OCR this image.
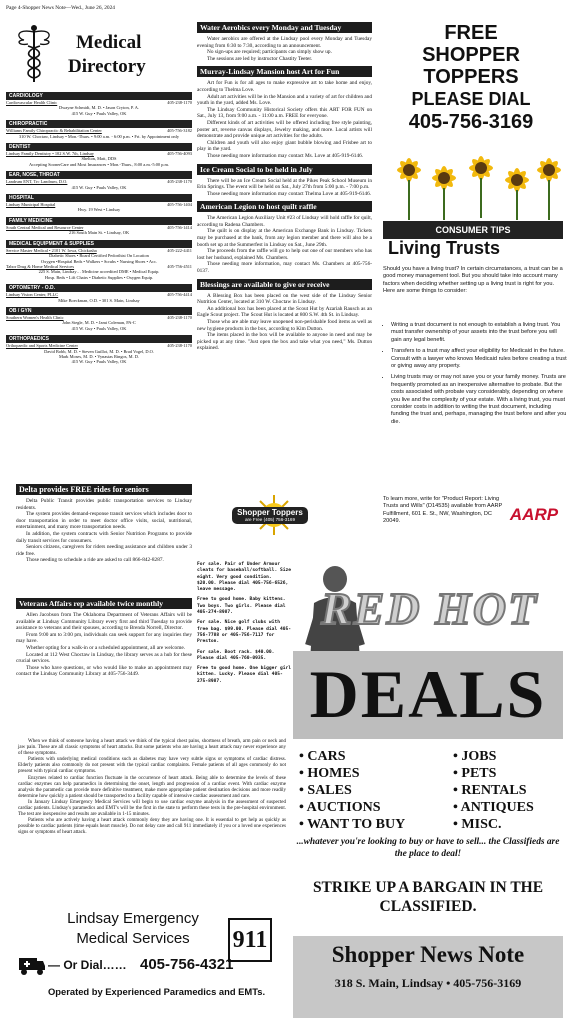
Page 4-Shopper News Note—Wed., June 26, 2024
Medical
Directory
CARDIOLOGY
Cardiovascular Health Clinic	405-238-1170
Dwayne Schmidt, M. D. • Jason Cryton, P. A.
415 W. Guy • Pauls Valley, OK
CHIROPRACTIC
Williams Family Chiropractic & Rehabilitation Center	405-756-3182
310 W. Choctaw, Lindsay • Mon.-Thurs. • 9:00 a.m. - 6:00 p.m. • Fri. by Appointment only
DENTIST
Lindsay Family Dentistry • 102 S.W. 7th, Lindsay	405-756-4093
Shelton, Matt, DDS
Accepting SoonerCare and Most Insurances • Mon.-Thurs., 8:00 a.m.-5:00 p.m.
EAR, NOSE, THROAT
Landrum ENT, Trc Landrum, D.O.	405-238-1170
415 W. Guy • Pauls Valley, OK
HOSPITAL
Lindsay Municipal Hospital	405-756-1404
Hwy. 19 West • Lindsay
FAMILY MEDICINE
South Central Medical and Resource Center	405-756-1414
216 South Main St. • Lindsay, OK
MEDICAL EQUIPMENT & SUPPLIES
Service Master Medical • 2101 W. Iowa, Chickasha	405-222-4411
Diabetic Shoes • Board Certified Pedorthist On Location
Oxygen •Hospital Beds • Walkers • Scrubs • Nursing Shoes • Acc.
Tabor Drug & Home Medical Services	405-756-4511
225 S. Main, Lindsay… Medicine accredited DME • Medical Equip.
Hosp. Beds • Lift Chairs • Diabetic Supplies • Oxygen Equip.
OPTOMETRY - O.D.
Lindsay Vision Center, PLLC	405-756-4414
Mike Boeckman, O.D. • 301 S. Main, Lindsay
OB / GYN
Southern Women's Health Clinic	405-238-1170
John Siegle, M. D. • Jami Coleman, PA-C
415 W. Guy • Pauls Valley, OK
ORTHOPAEDICS
Orthopaedic and Sports Medicine Center	405-238-1170
David Bobb, M. D. • Steven Guillot, M. D. • Brad Vogel, D.O.
Mark Moses, M. D. • Vynastas Ringos, M. D.
415 W. Guy • Pauls Valley, OK
Delta provides FREE rides for seniors

Delta Public Transit provides public transportation services to Lindsay residents.

The system provides demand-response transit services which includes door to door transportation in order to meet doctor office visits, social, nutritional, entertainment, and many more transportation needs.

In addition, the system contracts with Senior Nutrition Programs to provide daily transit services for consumers.

Seniors citizens, caregivers for riders needing assistance and children under 3 ride free.

Those needing to schedule a ride are asked to call 866-842-8287.

Veterans Affairs rep available twice monthly

Allen Jacobson from The Oklahoma Department of Veterans Affairs will be available at Lindsay Community Library every first and third Tuesday to provide assistance to veterans and their spouses, according to Brenda Norrell, Director.

From 9:00 am to 3:00 pm, individuals can seek support for any inquiries they may have.

Whether opting for a walk-in or a scheduled appointment, all are welcome.

Located at 112 West Choctaw in Lindsay, the library serves as a hub for these crucial services.

Those who have questions, or who would like to make an appointment may contact the Lindsay Community Library at 405-756-3449.

Water Aerobics every Monday and Tuesday

Water aerobics are offered at the Lindsay pool every Monday and Tuesday evening from 6:30 to 7:30, according to an announcement.

No sign-ups are required; participants can simply show up.

The sessions are led by instructor Chastity Teeter.

Murray-Lindsay Mansion host Art for Fun

Art for Fun is for all ages to make expressive art to take home and enjoy, according to Thelma Love.

Adult art activities will be in the Mansion and a variety of art for children and youth in the yard, added Ms. Love.

The Lindsay Community Historical Society offers this ART FOR FUN on Sat., July 13, from 9:00 a.m. - 11:00 a.m. FREE for everyone.

Different kinds of art activities will be offered including free style painting, poster art, reverse canvas displays, Jewelry making, and more. Local artists will demonstrate and provide unique art activities for the adults.

Children and youth will also enjoy giant bubble blowing and Frisbee art to play in the yard.

Those needing more information may contact Ms. Love at 405-919-6146.

Ice Cream Social to be held in July

There will be an Ice Cream Social held at the Pikes Peak School Museum in Erin Springs. The event will be held on Sat., July 27th from 5:00 p.m. - 7:00 p.m.

Those needing more information may contact Thelma Love at 405-919-6146.

American Legion to host quilt raffle

The American Legion Auxiliary Unit #23 of Lindsay will hold raffle for quilt, according to Radena Chambers.

The quilt is on display at the American Exchange Bank in Lindsay. Tickets may be purchased at the bank, from any legion member and there will also be a booth set up at the Summerfest in Lindsay on Sat., June 29th.

The proceeds from the raffle will go to help out one of our members who has lost her husband, explained Ms. Chambers.

Those needing more information, may contact Ms. Chambers at 405-756-0137.

Blessings are available to give or receive

A Blessing Box has been placed on the west side of the Lindsay Senior Nutrition Center, located at 310 W. Choctaw in Lindsay.

An additional box has been placed at the Scout Hut by Azariah Rausch as an Eagle Scout project. The Scout Hut is located at 800 S.W. 4th St. in Lindsay.

Those who are able may leave unopened non-perishable food items as well as new hygiene products in the box, according to Kim Dutton.

The items placed in the box will be available to anyone in need and may be picked up at any time. "Just open the box and take what you need," Ms. Dutton explained.

Shopper Toppers
are Free (405) 756-3169

For sale. Pair of Under Armour cleats for baseball/softball. Size eight. Very good condition. $20.00. Please dial 405-756-6526, leave message.

Free to good home. Baby kittens. Two boys. Two girls. Please dial 405-274-8987.

For sale. Nice golf clubs with free bag. $99.00. Please dial 405-756-7788 or 405-756-7117 for Preston.

For sale. Boot rack. $40.00. Please dial 405-760-0935.

Free to good home. One bigger girl kitten. Lucky. Please dial 405-275-8987.

FREE
SHOPPER
TOPPERS
PLEASE DIAL
405-756-3169
CONSUMER TIPS
Living Trusts
Should you have a living trust? In certain circumstances, a trust can be a good money management tool. But you should take into account many factors when deciding whether setting up a living trust is right for you. Here are some things to consider:
• Writing a trust document is not enough to establish a living trust. You must transfer ownership of your assets into the trust before you will gain any legal benefit.
• Transfers to a trust may affect your eligibility for Medicaid in the future. Consult with a lawyer who knows Medicaid rules before creating a trust or giving away any property.
• Living trusts may or may not save you or your family money. Trusts are frequently promoted as an inexpensive alternative to probate. But the costs associated with probate vary considerably, depending on where you live and the complexity of your estate. With a living trust, you must consider costs in addition to writing the trust document, including funding the trust and, perhaps, managing the trust before and after you die.
To learn more, write for "Product Report: Living Trusts and Wills" (D14535) available from AARP Fulfillment, 601 E. St., NW, Washington, DC 20049.	AARP
RED HOT
DEALS
• CARS
• HOMES
• SALES
• AUCTIONS
• WANT TO BUY
• JOBS
• PETS
• RENTALS
• ANTIQUES
• MISC.
...whatever you're looking to buy or have to sell... the Classifieds are the place to deal!
STRIKE UP A BARGAIN IN THE CLASSIFIED.
Shopper News Note
318 S. Main, Lindsay • 405-756-3169

When we think of someone having a heart attack we think of the typical chest pains, shortness of breath, arm pain or neck and jaw pain. These are all classic symptoms of heart attacks. But some patients who are having a heart attack may never experience any of these symptoms.

Patients with underlying medical conditions such as diabetes may have very subtle signs or symptoms of cardiac distress. Elderly patients also commonly do not present with the typical cardiac complaints. Female patients of all ages commonly do not present with typical cardiac symptoms.

Enzymes related to cardiac function fluctuate in the occurrence of heart attack. Being able to determine the levels of these cardiac enzymes can help paramedics in determining the onset, length and progression of a cardiac event. With cardiac enzyme analysis the paramedic can provide more definitive treatment, make more appropriate patient destination decisions and more readily determine how quickly a patient should be transported to a facility capable of intensive cardiac assessment and care.

In January Lindsay Emergency Medical Services will begin to use cardiac enzyme analysis in the assessment of suspected cardiac patients. Lindsay's paramedics and EMT's will be the first in the state to perform these tests in the pre-hospital environment. The test are inexpensive and results are available in 1-15 minutes.

Patients who are actively having a heart attack commonly deny they are having one. It is essential to get help as quickly as possible to cardiac patients (time equals heart muscle). Do not delay care and call 911 immediately if you or a loved one experiences signs or symptoms of heart attack.

Lindsay Emergency
Medical Services	911
— Or Dial…… 405-756-4321
Operated by Experienced Paramedics and EMTs.
